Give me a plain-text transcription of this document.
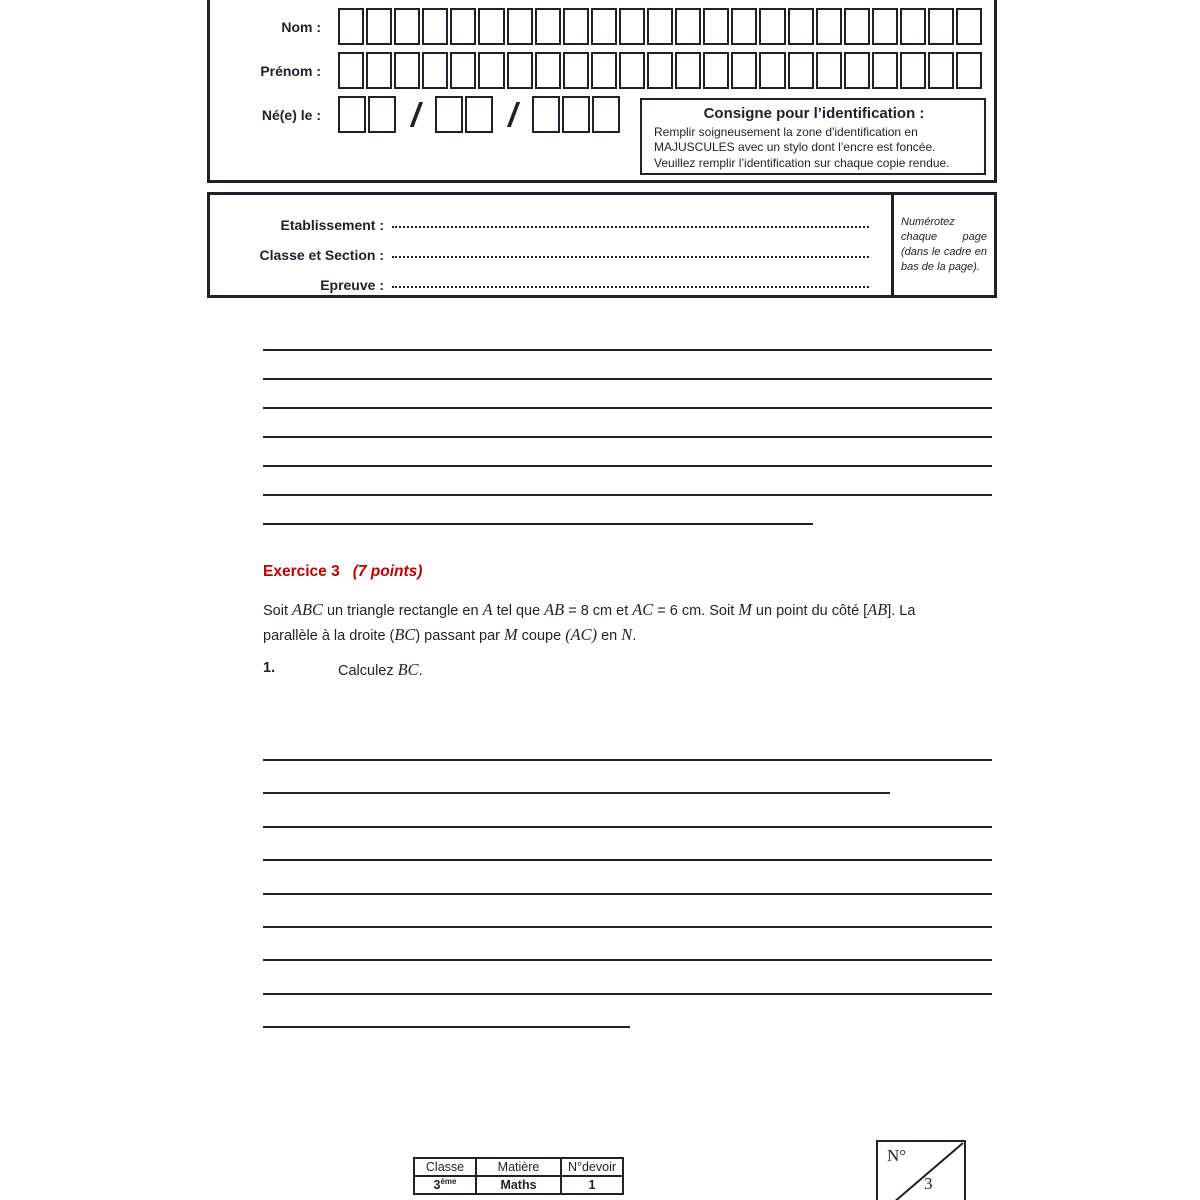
Nom :
Prénom :
Né(e) le :	/	/	Consigne pour l’identification :
Remplir soigneusement la zone d'identification en MAJUSCULES avec un stylo dont l’encre est foncée. Veuillez remplir l’identification sur chaque copie rendue.
Etablissement :
Classe et Section :
Epreuve :
Numérotez chaque page (dans le cadre en bas de la page).
Exercice 3 (7 points)
Soit ABC un triangle rectangle en A tel que AB = 8 cm et AC = 6 cm. Soit M un point du côté [AB]. La parallèle à la droite (BC) passant par M coupe (AC) en N.
1.	Calculez BC.
Classe	Matière	N°devoir
3ème	Maths	1
N°
3
